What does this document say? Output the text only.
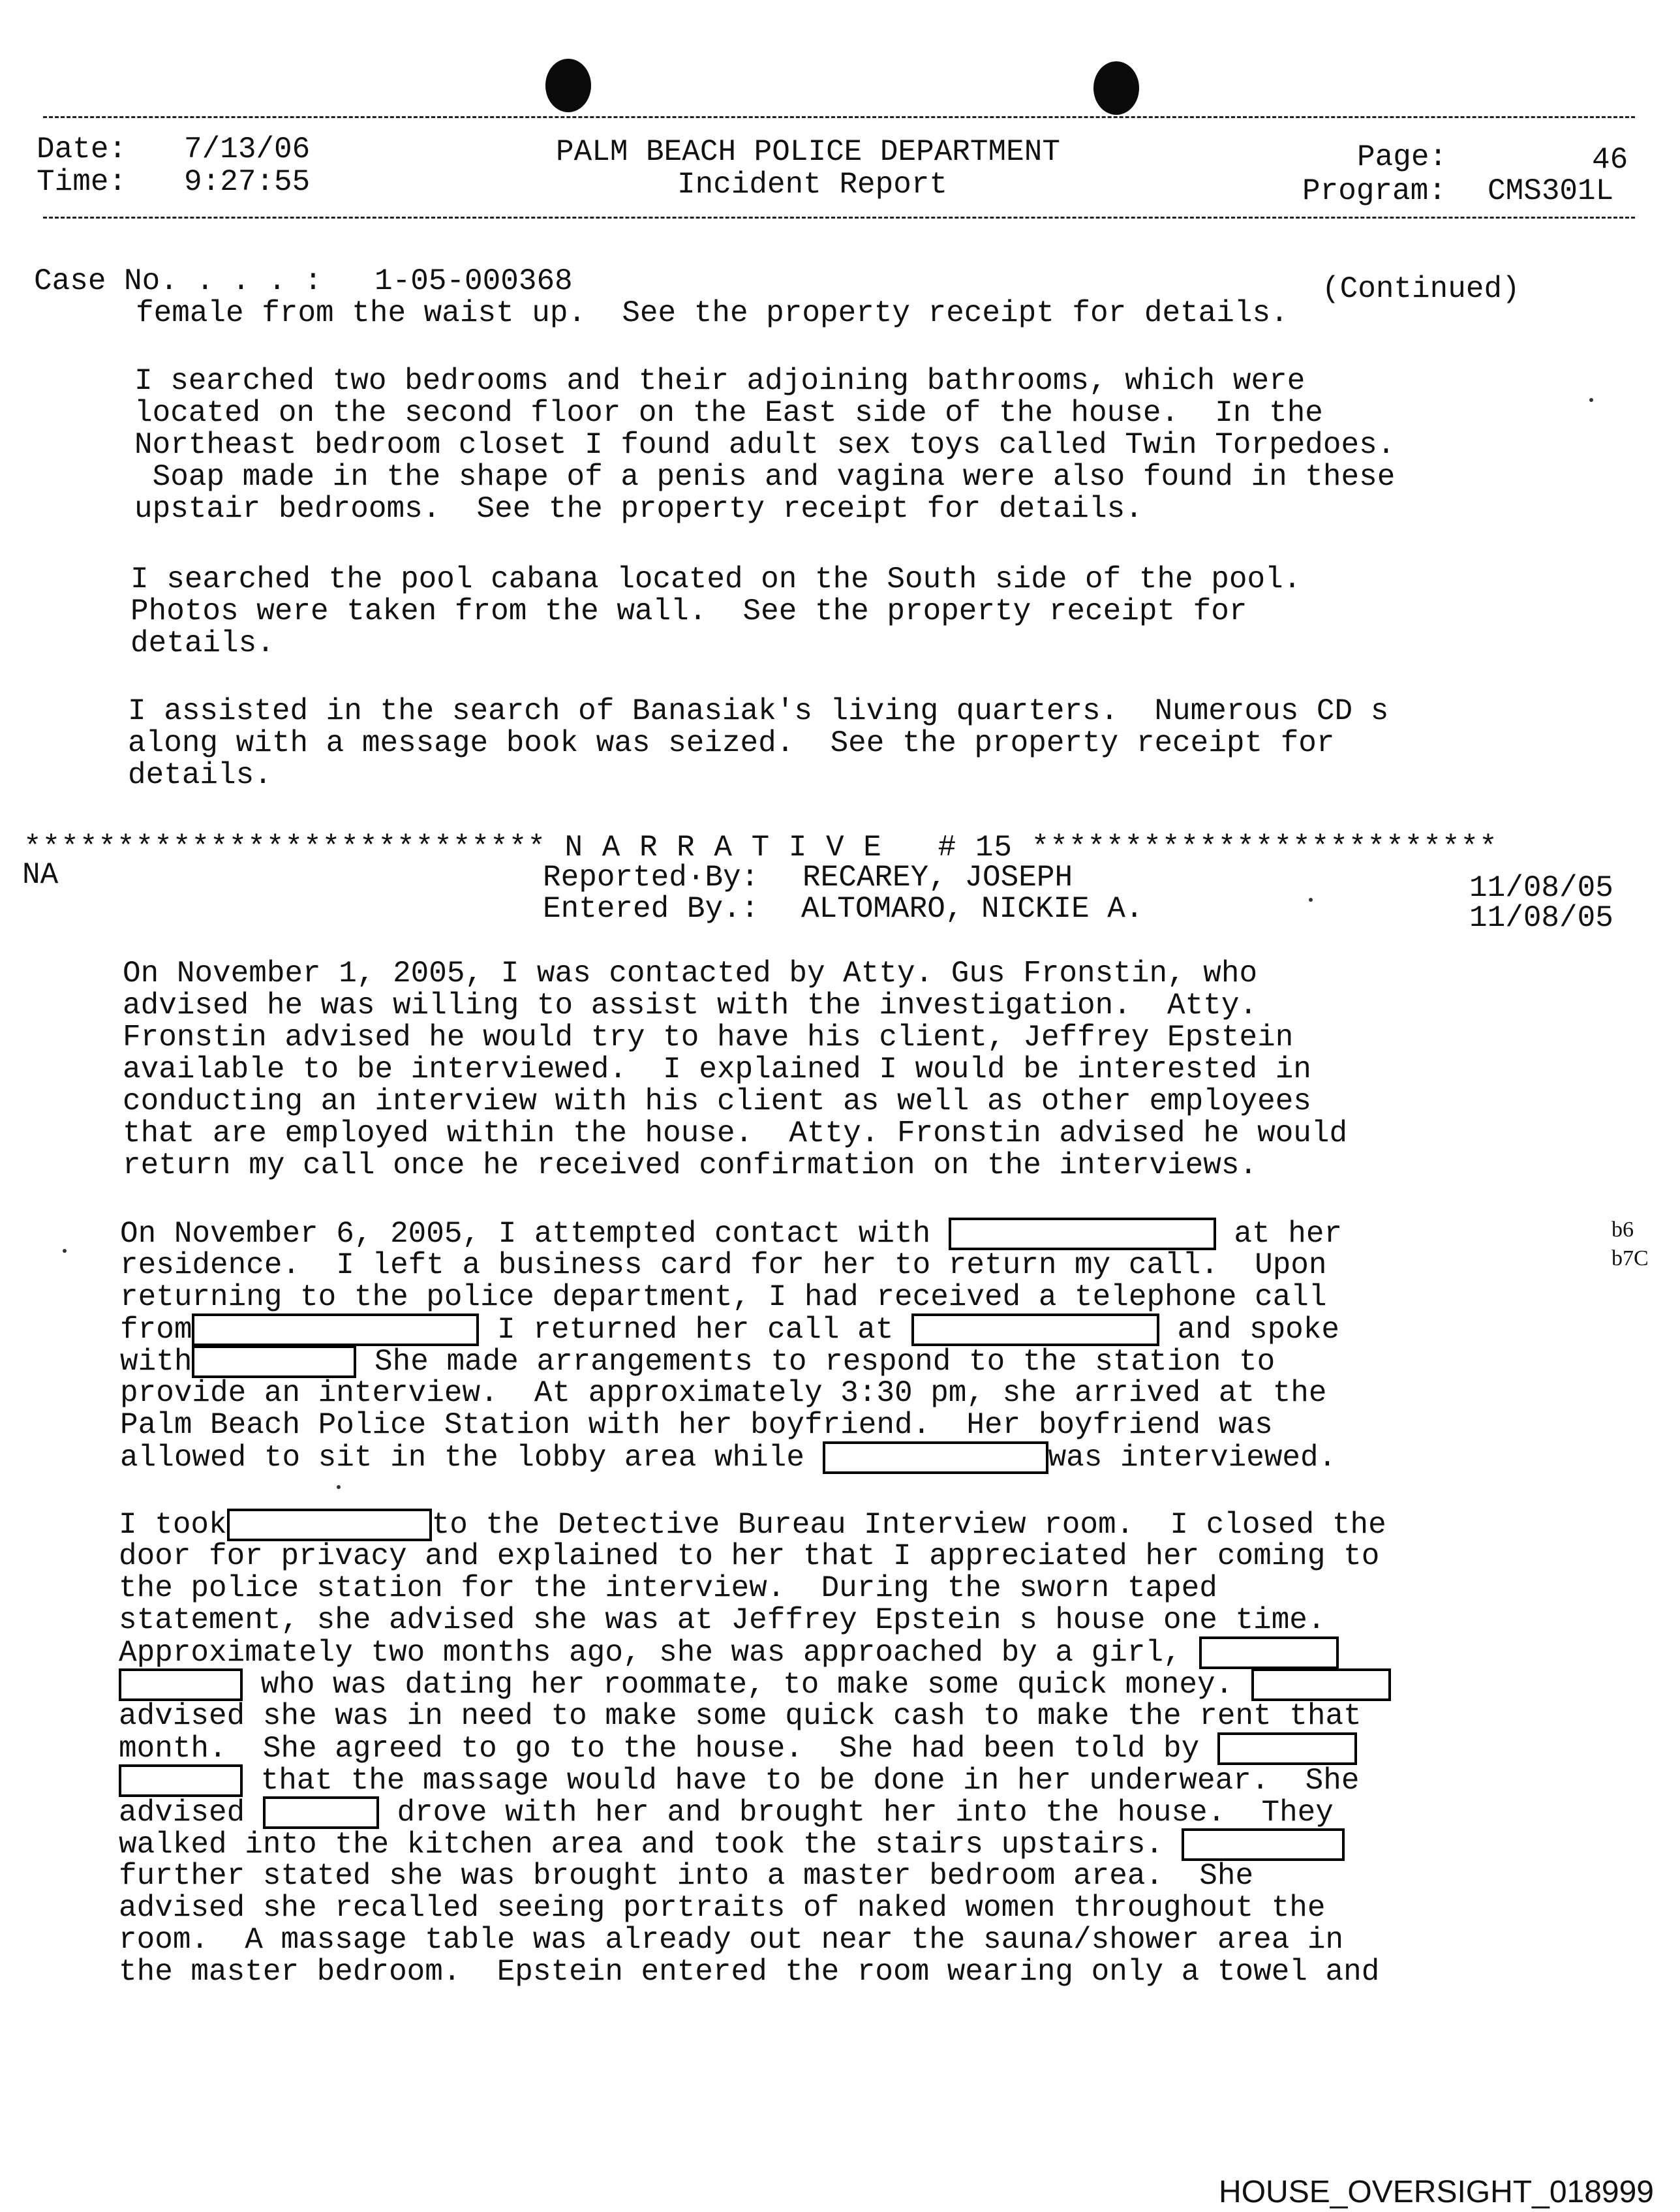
Date: 7/13/06
Time: 9:27:55
PALM BEACH POLICE DEPARTMENT
Incident Report
Page:	46
Program: CMS301L
Case No. . . . : 1-05-000368	(Continued)
female from the waist up.  See the property receipt for details.
I searched two bedrooms and their adjoining bathrooms, which were
located on the second floor on the East side of the house.  In the
Northeast bedroom closet I found adult sex toys called Twin Torpedoes.
Soap made in the shape of a penis and vagina were also found in these
upstair bedrooms.  See the property receipt for details.
I searched the pool cabana located on the South side of the pool.
Photos were taken from the wall.  See the property receipt for
details.
I assisted in the search of Banasiak's living quarters.  Numerous CD s
along with a message book was seized.  See the property receipt for
details.
**************************** N A R R A T I V E   # 15 *************************
NA	Reported·By: RECAREY, JOSEPH	11/08/05
Entered By.: ALTOMARO, NICKIE A.	11/08/05
On November 1, 2005, I was contacted by Atty. Gus Fronstin, who
advised he was willing to assist with the investigation.  Atty.
Fronstin advised he would try to have his client, Jeffrey Epstein
available to be interviewed.  I explained I would be interested in
conducting an interview with his client as well as other employees
that are employed within the house.  Atty. Fronstin advised he would
return my call once he received confirmation on the interviews.
On November 6, 2005, I attempted contact with	at her
residence.  I left a business card for her to return my call.  Upon
returning to the police department, I had received a telephone call
from	I returned her call at	and spoke
with	She made arrangements to respond to the station to
provide an interview.  At approximately 3:30 pm, she arrived at the
Palm Beach Police Station with her boyfriend.  Her boyfriend was
allowed to sit in the lobby area while	was interviewed.
b6
b7C
I took	to the Detective Bureau Interview room.  I closed the
door for privacy and explained to her that I appreciated her coming to
the police station for the interview.  During the sworn taped
statement, she advised she was at Jeffrey Epstein s house one time.
Approximately two months ago, she was approached by a girl,
who was dating her roommate, to make some quick money.
advised she was in need to make some quick cash to make the rent that
month.  She agreed to go to the house.  She had been told by
that the massage would have to be done in her underwear.  She
advised	drove with her and brought her into the house.  They
walked into the kitchen area and took the stairs upstairs.
further stated she was brought into a master bedroom area.  She
advised she recalled seeing portraits of naked women throughout the
room.  A massage table was already out near the sauna/shower area in
the master bedroom.  Epstein entered the room wearing only a towel and
HOUSE_OVERSIGHT_018999
